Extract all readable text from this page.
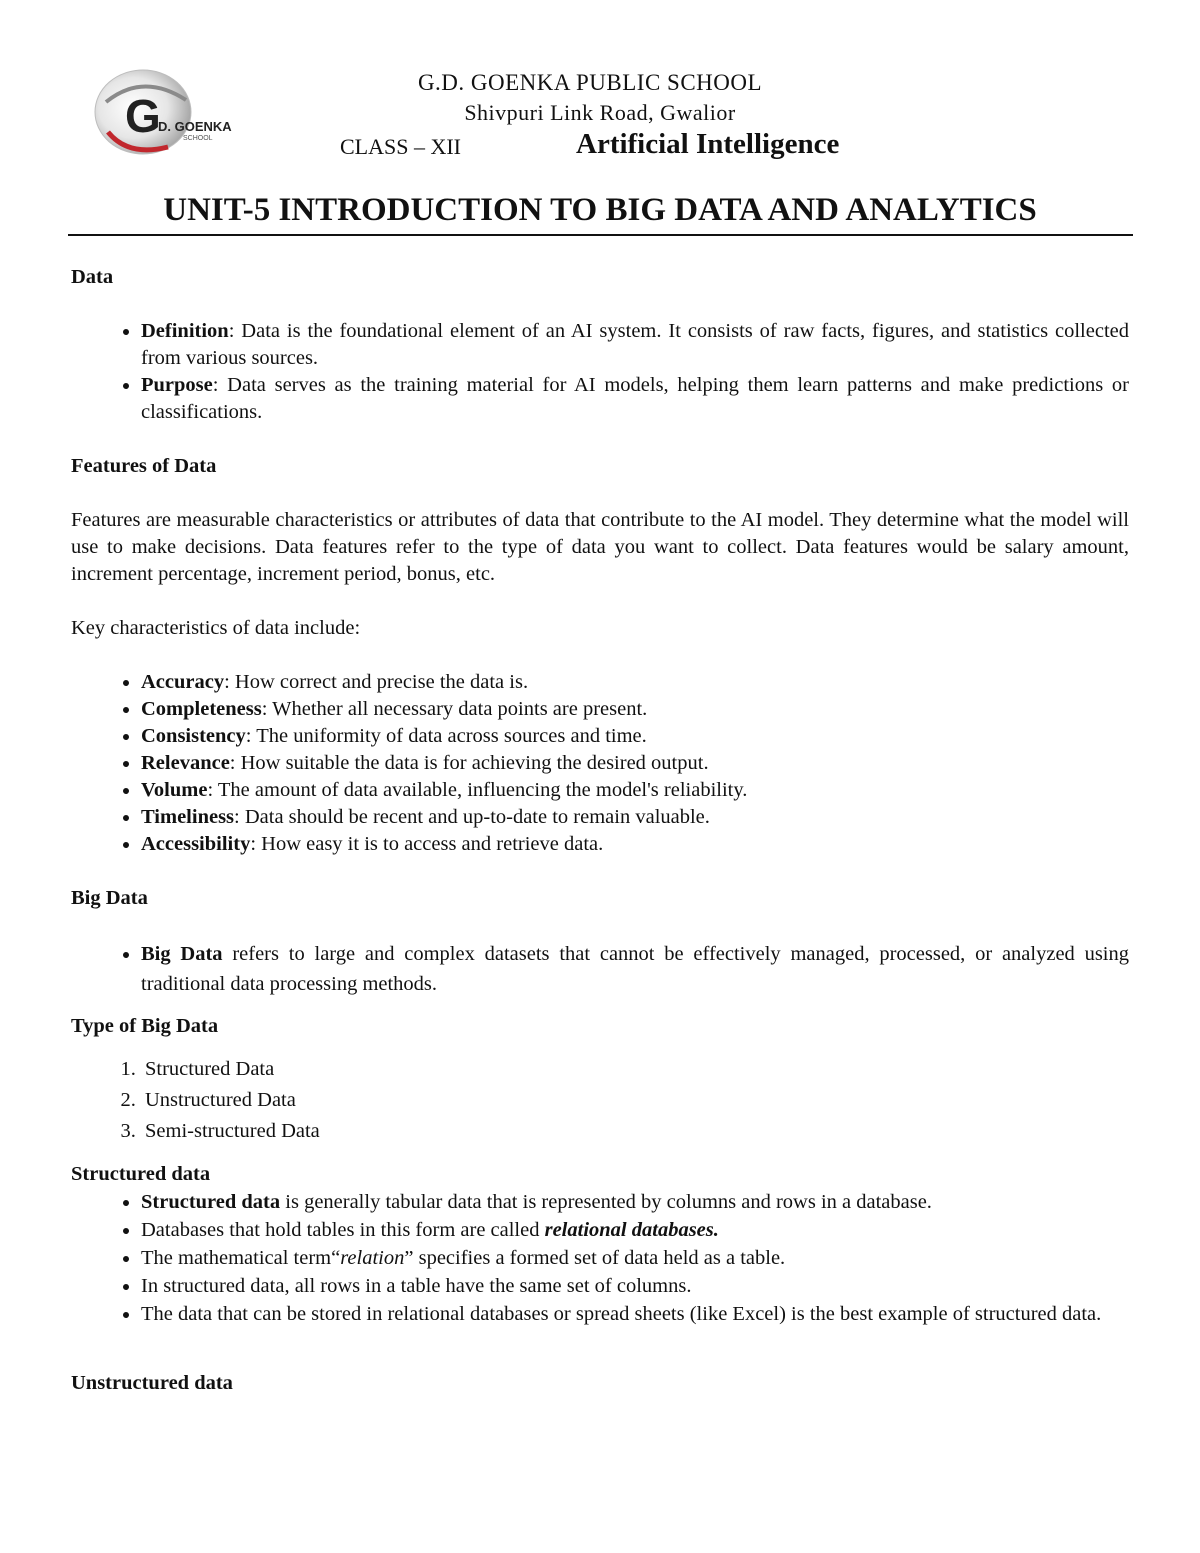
G
D. GOENKA
SCHOOL
G.D. GOENKA PUBLIC SCHOOL
Shivpuri Link Road, Gwalior
CLASS – XII	Artificial Intelligence
UNIT-5 INTRODUCTION TO BIG DATA AND ANALYTICS

Data

• Definition: Data is the foundational element of an AI system. It consists of raw facts, figures, and statistics collected from various sources.
• Purpose: Data serves as the training material for AI models, helping them learn patterns and make predictions or classifications.

Features of Data

Features are measurable characteristics or attributes of data that contribute to the AI model. They determine what the model will use to make decisions. Data features refer to the type of data you want to collect. Data features would be salary amount, increment percentage, increment period, bonus, etc.

Key characteristics of data include:

• Accuracy: How correct and precise the data is.
• Completeness: Whether all necessary data points are present.
• Consistency: The uniformity of data across sources and time.
• Relevance: How suitable the data is for achieving the desired output.
• Volume: The amount of data available, influencing the model's reliability.
• Timeliness: Data should be recent and up-to-date to remain valuable.
• Accessibility: How easy it is to access and retrieve data.

Big Data

• Big Data refers to large and complex datasets that cannot be effectively managed, processed, or analyzed using traditional data processing methods.

Type of Big Data

1. Structured Data
2. Unstructured Data
3. Semi-structured Data

Structured data

• Structured data is generally tabular data that is represented by columns and rows in a database.
• Databases that hold tables in this form are called relational databases.
• The mathematical term“relation” specifies a formed set of data held as a table.
• In structured data, all rows in a table have the same set of columns.
• The data that can be stored in relational databases or spread sheets (like Excel) is the best example of structured data.

Unstructured data
